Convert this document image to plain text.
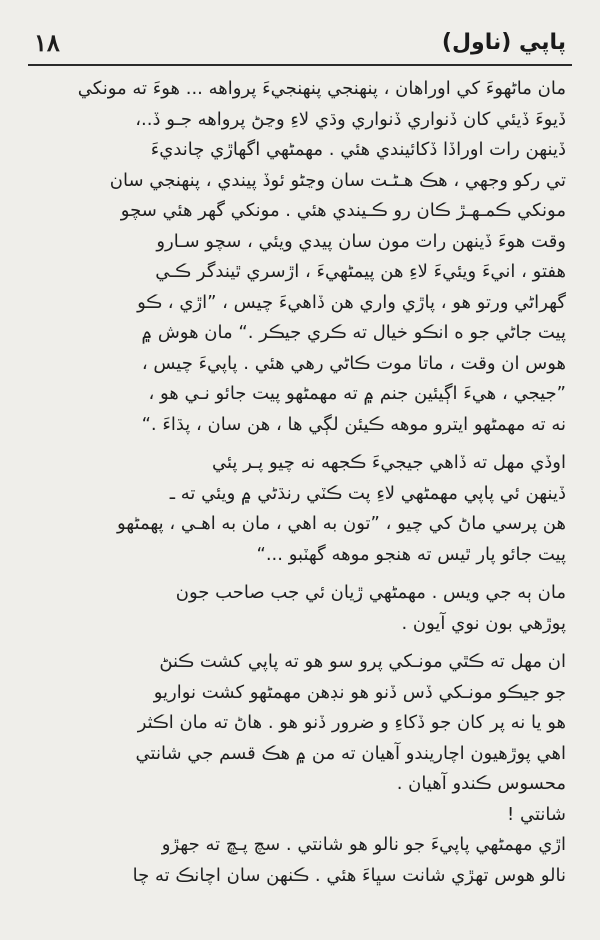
١٨	پاپي (ناول)
مان ماڻهوءَ کي اوراهان ، پنهنجي پنهنجيءَ پرواهه ... هوءَ ته مونکي
ڏيوءَ ڏيئي کان ڏنواري ڏنواري وڌي لاءِ وڃڻ پرواهه جـو ڏ..،
ڏينهن رات اوراڏا ڏکائيندي هئي . مهمڻهي اگهاڙي چانديءَ
تي رکو وجهي ، هڪ هـڻـت سان وڃڻو ئوڏ پيندي ، پنهنجي سان
مونکي ڪمـهـڙ ڪان رو ڪـيندي هئي . مونکي گهر هئي سچو
وقت هوءَ ڏينهن رات مون سان پيدي ويئي ، سچو سـارو
هفتو ، انيءَ ويئيءَ لاءِ هن پيمڻهيءَ ، اڙسري ٿيندگر ڪـي
گهراڻي ورتو هو ، پاڙي واري هن ڏاهيءَ چيس ، ”اڙي ، ڪو
پيت جاڻي جو ه انڪو خيال ته ڪري جيڪر .“ مان هوش ۾
هوس ان وقت ، ماتا موت ڪاڻي رهي هئي . پاپيءَ چيس ،
”جيجي ، هيءَ اڳيئين جنم ۾ ته مهمڻهو پيت جائو نـي هو ،
نه ته مهمڻهو ايترو موهه ڪيئن لڳي ها ، هن سان ، پڌاءَ .“
اوڏي مهل ته ڏاهي جيجيءَ ڪجهه نه چيو پـر پئي
ڏينهن ئي پاپي مهمڻهي لاءِ پت ڪٽي رنڌڻي ۾ ويئي ته ـ
هن پرسي ماڻ کي چيو ، ”تون به اهي ، مان به اهـي ، پهمڻهو
پيت جائو پار ٿيس ته هنجو موهه گهٽبو ...“
مان ٻه جي ويس . مهمڻهي ڙيان ئي جب صاحب جون
پوڙهي بون نوي آيون .
ان مهل ته ڪٿي مونـکي پرو سو هو ته پاپي کشت ڪنڻ
جو جيڪو مونـکي ڏس ڏنو هو نڊهن مهمڻهو کشت نواريو
هو يا نه پر کان جو ڏکاءِ و ضرور ڏنو هو . هاڻ ته مان اڪثر
اهي پوڙهيون اچاريندو آهيان ته من ۾ هڪ قسم جي شانتي
محسوس ڪندو آهيان .
شانتي !
اڙي مهمڻهي پاپيءَ جو نالو هو شانتي . سچ پـڇ ته جهڙو
نالو هوس تهڙي شانت سڀاءَ هئي . ڪنهن سان اچانڪ ته چا
